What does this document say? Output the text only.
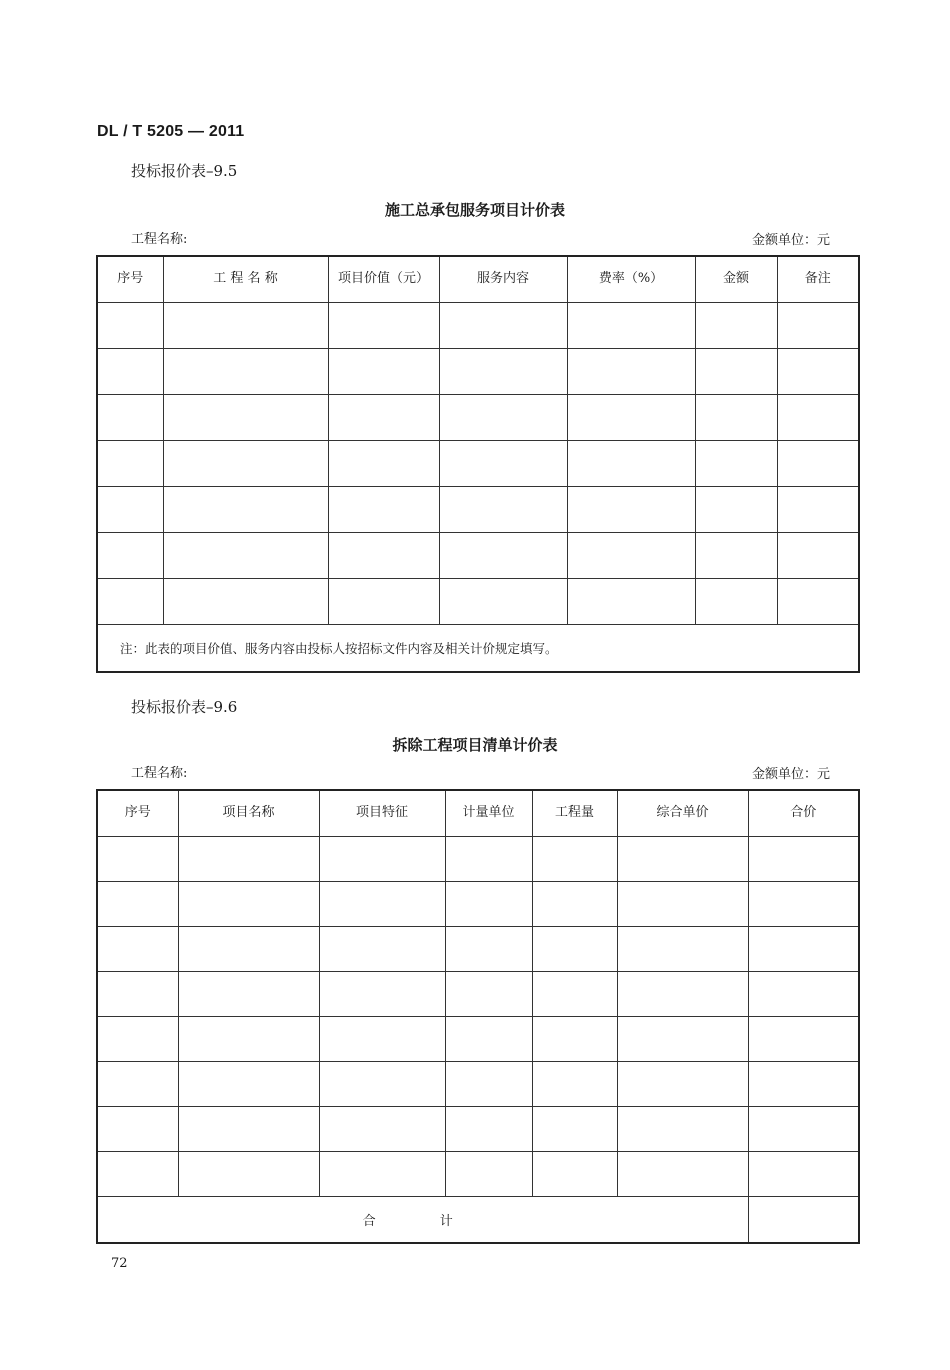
DL / T 5205 — 2011
投标报价表–9.5
施工总承包服务项目计价表
工程名称:	金额单位：元
序号	工 程 名 称	项目价值（元）	服务内容	费率（%）	金额	备注

注：此表的项目价值、服务内容由投标人按招标文件内容及相关计价规定填写。						
投标报价表–9.6
拆除工程项目清单计价表
工程名称:	金额单位：元
序号	项目名称	项目特征	计量单位	工程量	综合单价	合价

合 计						
72
